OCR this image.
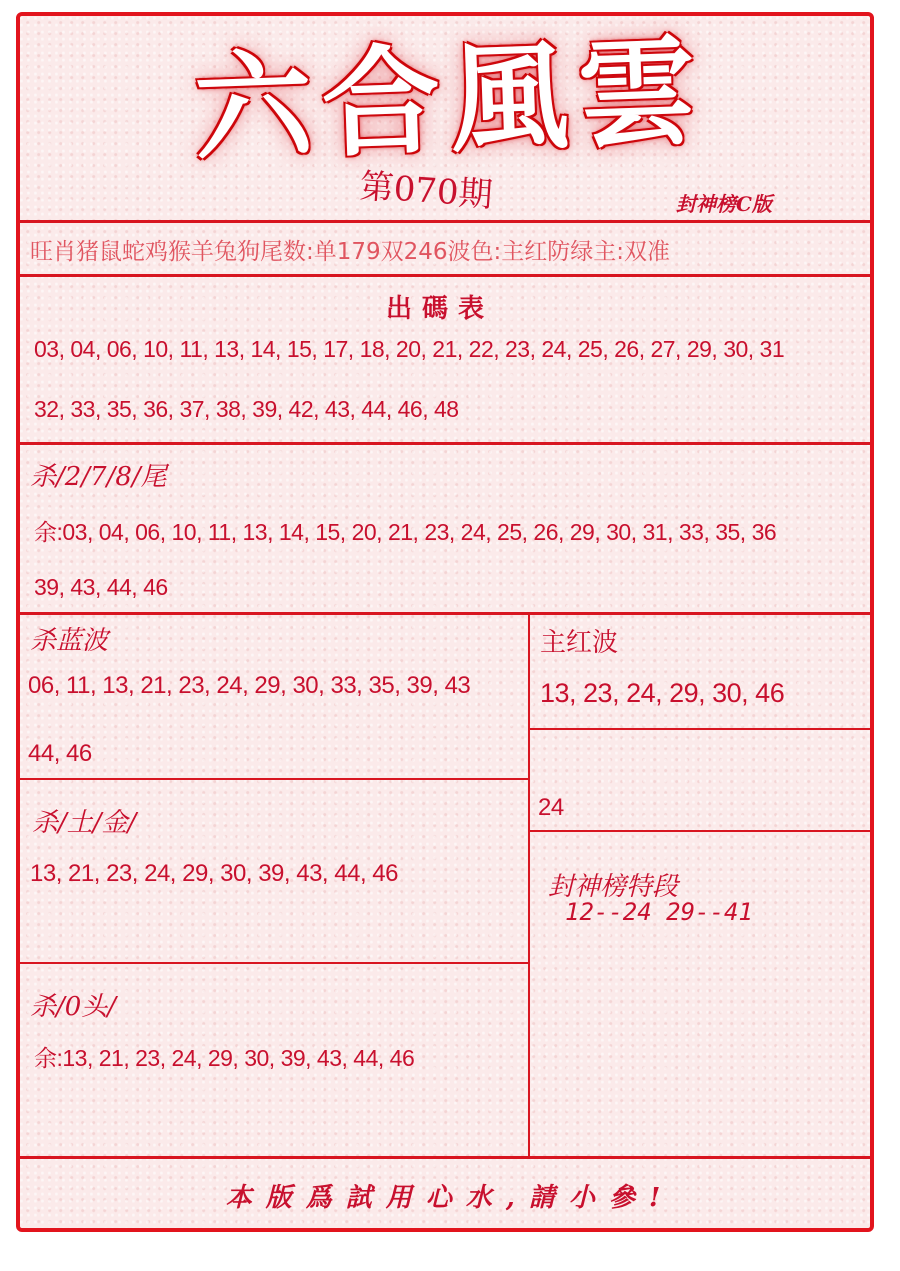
六合風雲
第070期	封神榜C版
旺肖猪鼠蛇鸡猴羊兔狗尾数:单179双246波色:主红防绿主:双准
出碼表
03, 04, 06, 10, 11, 13, 14, 15, 17, 18, 20, 21, 22, 23, 24, 25, 26, 27, 29, 30, 31
32, 33, 35, 36, 37, 38, 39, 42, 43, 44, 46, 48
杀/2/7/8/尾
余:03, 04, 06, 10, 11, 13, 14, 15, 20, 21, 23, 24, 25, 26, 29, 30, 31, 33, 35, 36
39, 43, 44, 46
杀蓝波
06, 11, 13, 21, 23, 24, 29, 30, 33, 35, 39, 43
44, 46
主红波
13, 23, 24, 29, 30, 46
24
杀/土/金/
13, 21, 23, 24, 29, 30, 39, 43, 44, 46	封神榜特段
12--24 29--41
杀/0头/
余:13, 21, 23, 24, 29, 30, 39, 43, 44, 46
本版爲試用心水,請小參!
